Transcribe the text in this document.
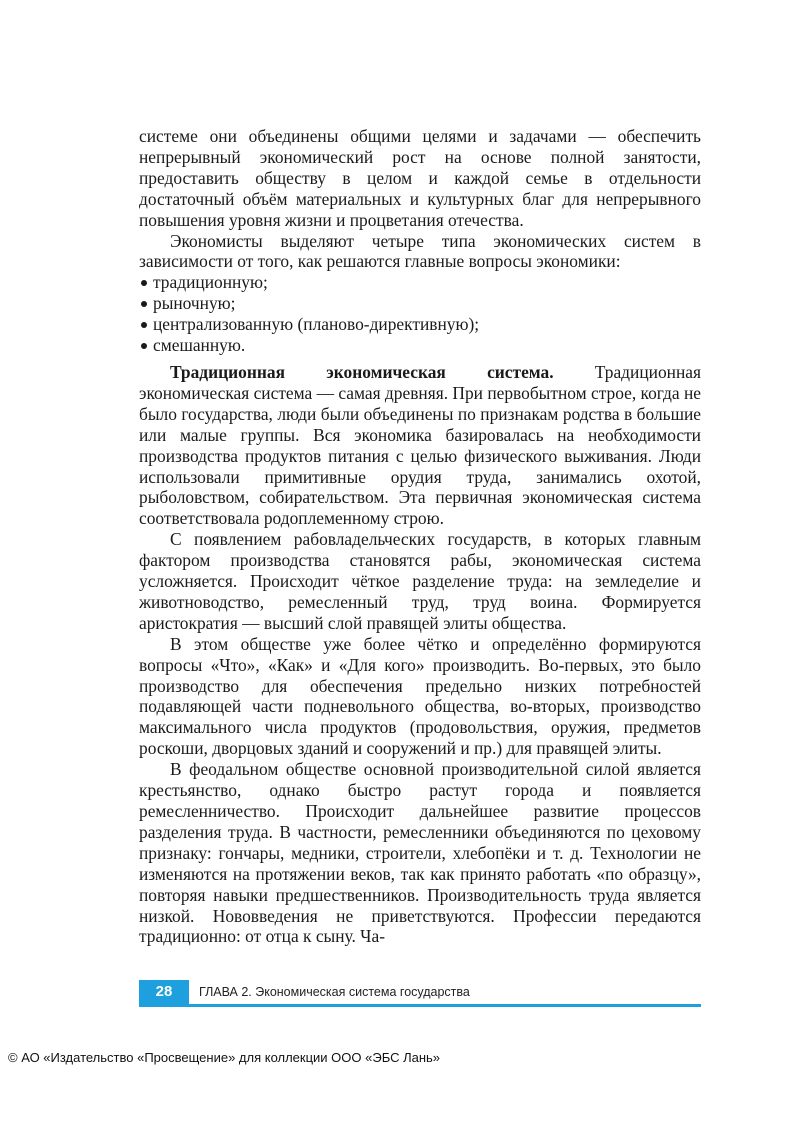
системе они объединены общими целями и задачами — обеспечить непрерывный экономический рост на основе полной занятости, предоставить обществу в целом и каждой семье в отдельности достаточный объём материальных и культурных благ для непрерывного повышения уровня жизни и процветания отечества.

Экономисты выделяют четыре типа экономических систем в зависимости от того, как решаются главные вопросы экономики:

традиционную;
рыночную;
централизованную (планово-директивную);
смешанную.

Традиционная экономическая система. Традиционная экономическая система — самая древняя. При первобытном строе, когда не было государства, люди были объединены по признакам родства в большие или малые группы. Вся экономика базировалась на необходимости производства продуктов питания с целью физического выживания. Люди использовали примитивные орудия труда, занимались охотой, рыболовством, собирательством. Эта первичная экономическая система соответствовала родоплеменному строю.

С появлением рабовладельческих государств, в которых главным фактором производства становятся рабы, экономическая система усложняется. Происходит чёткое разделение труда: на земледелие и животноводство, ремесленный труд, труд воина. Формируется аристократия — высший слой правящей элиты общества.

В этом обществе уже более чётко и определённо формируются вопросы «Что», «Как» и «Для кого» производить. Во-первых, это было производство для обеспечения предельно низких потребностей подавляющей части подневольного общества, во-вторых, производство максимального числа продуктов (продовольствия, оружия, предметов роскоши, дворцовых зданий и сооружений и пр.) для правящей элиты.

В феодальном обществе основной производительной силой является крестьянство, однако быстро растут города и появляется ремесленничество. Происходит дальнейшее развитие процессов разделения труда. В частности, ремесленники объединяются по цеховому признаку: гончары, медники, строители, хлебопёки и т. д. Технологии не изменяются на протяжении веков, так как принято работать «по образцу», повторяя навыки предшественников. Производительность труда является низкой. Нововведения не приветствуются. Профессии передаются традиционно: от отца к сыну. Ча-

28	ГЛАВА 2. Экономическая система государства
© АО «Издательство «Просвещение» для коллекции ООО «ЭБС Лань»
